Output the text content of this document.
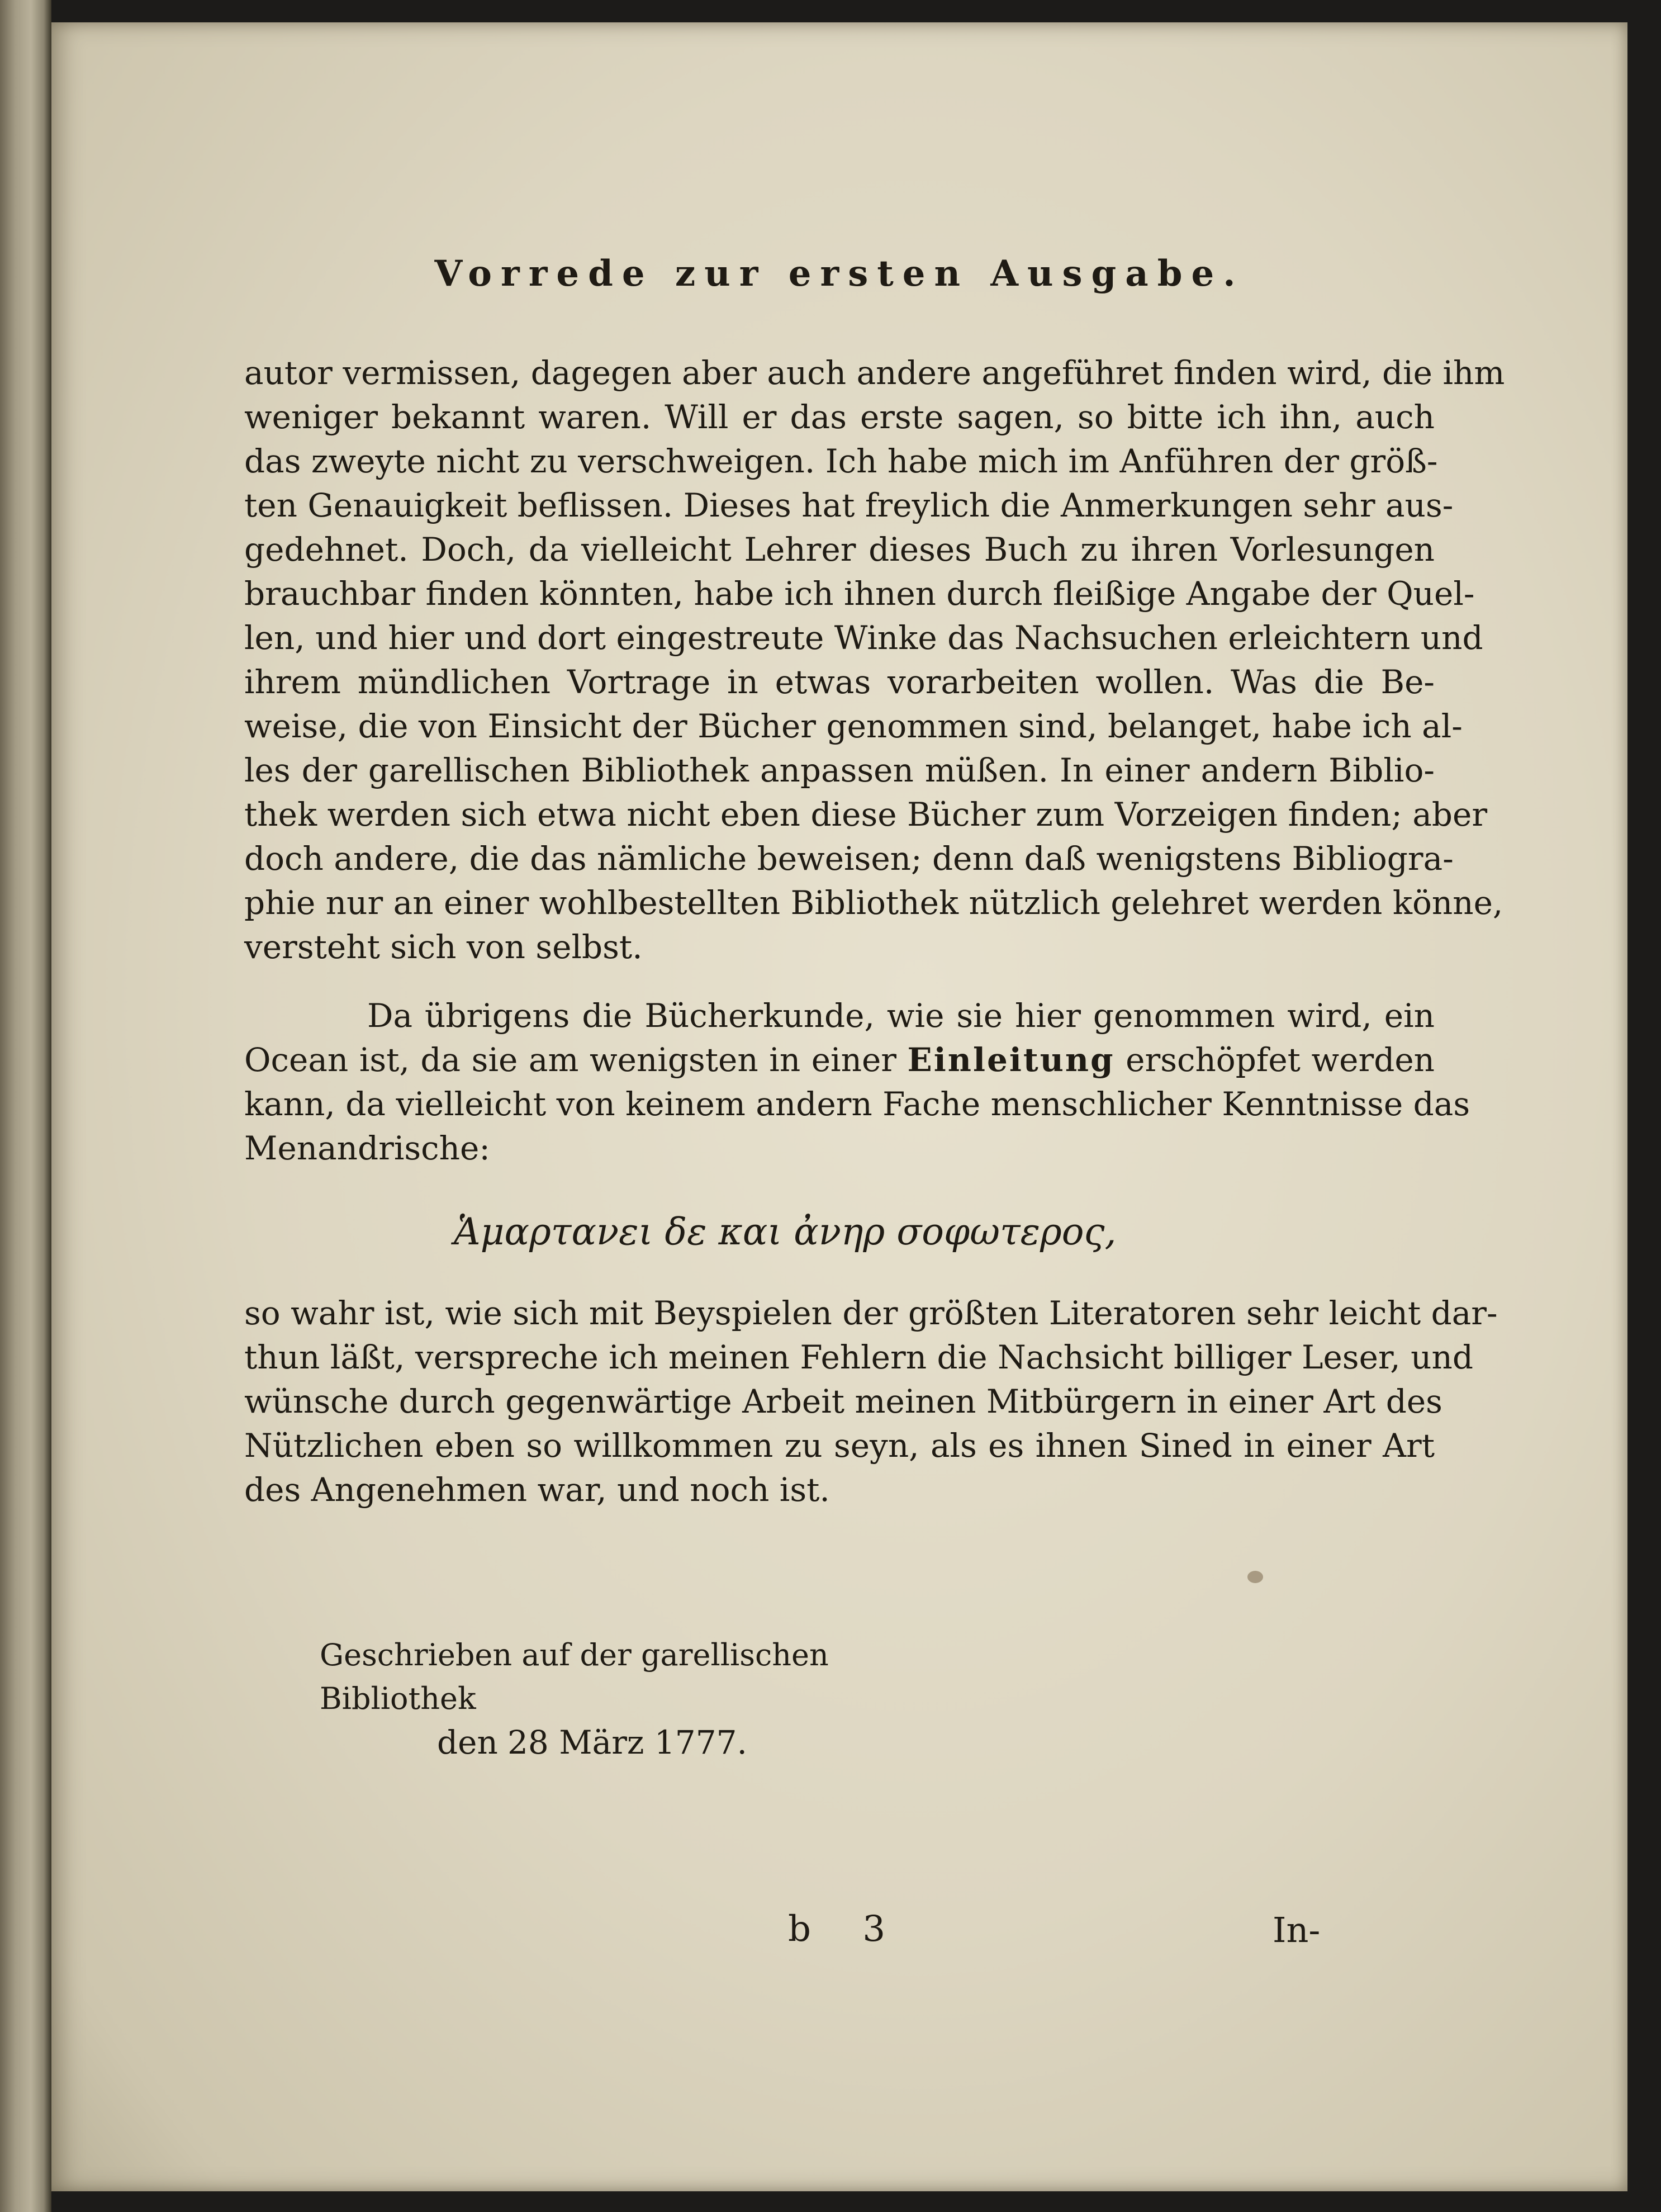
Vorrede zur ersten Ausgabe.
autor vermissen, dagegen aber auch andere angeführet finden wird, die ihm
weniger bekannt waren. Will er das erste sagen, so bitte ich ihn, auch
das zweyte nicht zu verschweigen. Ich habe mich im Anführen der größ-
ten Genauigkeit beflissen. Dieses hat freylich die Anmerkungen sehr aus-
gedehnet. Doch, da vielleicht Lehrer dieses Buch zu ihren Vorlesungen
brauchbar finden könnten, habe ich ihnen durch fleißige Angabe der Quel-
len, und hier und dort eingestreute Winke das Nachsuchen erleichtern und
ihrem mündlichen Vortrage in etwas vorarbeiten wollen. Was die Be-
weise, die von Einsicht der Bücher genommen sind, belanget, habe ich al-
les der garellischen Bibliothek anpassen müßen. In einer andern Biblio-
thek werden sich etwa nicht eben diese Bücher zum Vorzeigen finden; aber
doch andere, die das nämliche beweisen; denn daß wenigstens Bibliogra-
phie nur an einer wohlbestellten Bibliothek nützlich gelehret werden könne,
versteht sich von selbst.
Da übrigens die Bücherkunde, wie sie hier genommen wird, ein
Ocean ist, da sie am wenigsten in einer Einleitung erschöpfet werden
kann, da vielleicht von keinem andern Fache menschlicher Kenntnisse das
Menandrische:
Ἁμαρτανει δε και ἀνηρ σοφωτερος,
so wahr ist, wie sich mit Beyspielen der größten Literatoren sehr leicht dar-
thun läßt, verspreche ich meinen Fehlern die Nachsicht billiger Leser, und
wünsche durch gegenwärtige Arbeit meinen Mitbürgern in einer Art des
Nützlichen eben so willkommen zu seyn, als es ihnen Sined in einer Art
des Angenehmen war, und noch ist.
Geschrieben auf der garellischen Bibliothek
den 28 März 1777.
b 3	In-
